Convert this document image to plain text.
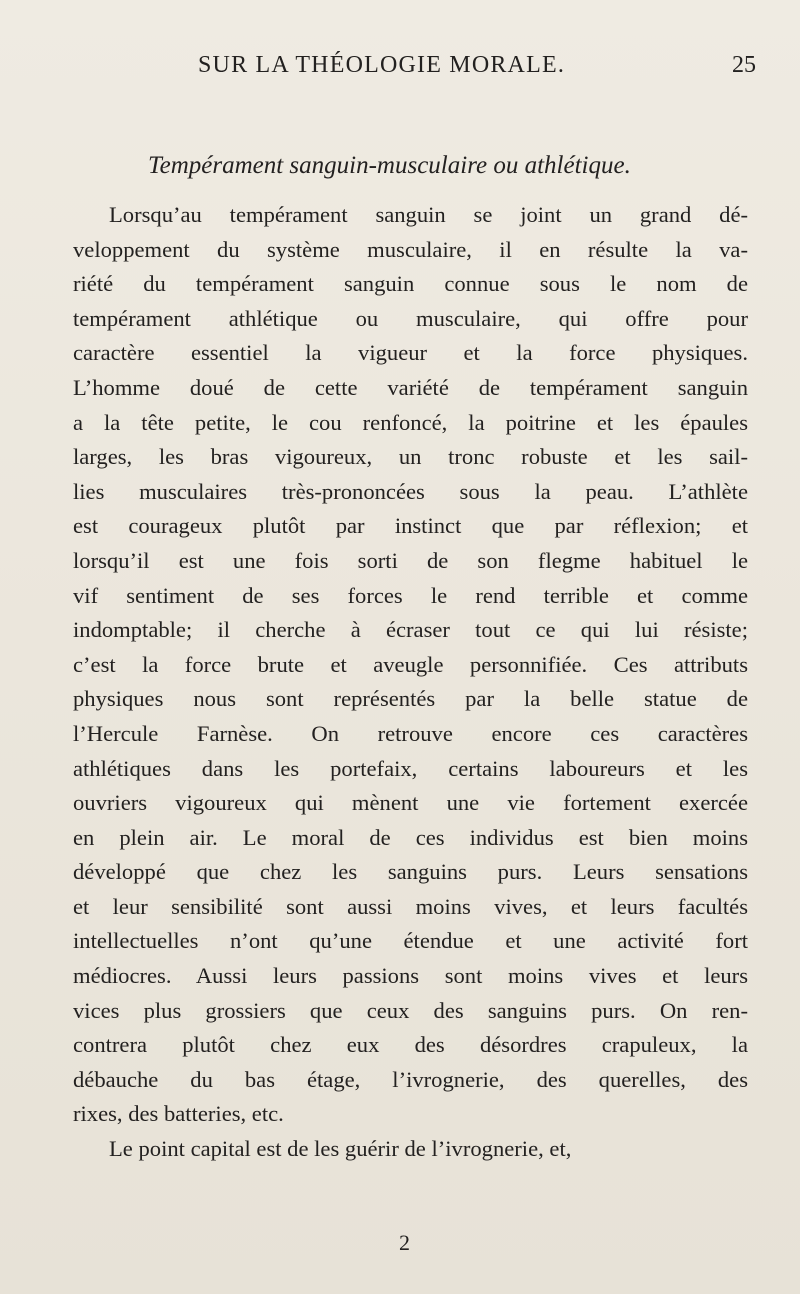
SUR LA THÉOLOGIE MORALE.	25
Tempérament sanguin-musculaire ou athlétique.
Lorsqu’au tempérament sanguin se joint un grand dé-
veloppement du système musculaire, il en résulte la va-
riété du tempérament sanguin connue sous le nom de
tempérament athlétique ou musculaire, qui offre pour
caractère essentiel la vigueur et la force physiques.
L’homme doué de cette variété de tempérament sanguin
a la tête petite, le cou renfoncé, la poitrine et les épaules
larges, les bras vigoureux, un tronc robuste et les sail-
lies musculaires très-prononcées sous la peau. L’athlète
est courageux plutôt par instinct que par réflexion; et
lorsqu’il est une fois sorti de son flegme habituel le
vif sentiment de ses forces le rend terrible et comme
indomptable; il cherche à écraser tout ce qui lui résiste;
c’est la force brute et aveugle personnifiée. Ces attributs
physiques nous sont représentés par la belle statue de
l’Hercule Farnèse. On retrouve encore ces caractères
athlétiques dans les portefaix, certains laboureurs et les
ouvriers vigoureux qui mènent une vie fortement exercée
en plein air. Le moral de ces individus est bien moins
développé que chez les sanguins purs. Leurs sensations
et leur sensibilité sont aussi moins vives, et leurs facultés
intellectuelles n’ont qu’une étendue et une activité fort
médiocres. Aussi leurs passions sont moins vives et leurs
vices plus grossiers que ceux des sanguins purs. On ren-
contrera plutôt chez eux des désordres crapuleux, la
débauche du bas étage, l’ivrognerie, des querelles, des
rixes, des batteries, etc.
Le point capital est de les guérir de l’ivrognerie, et,
2
